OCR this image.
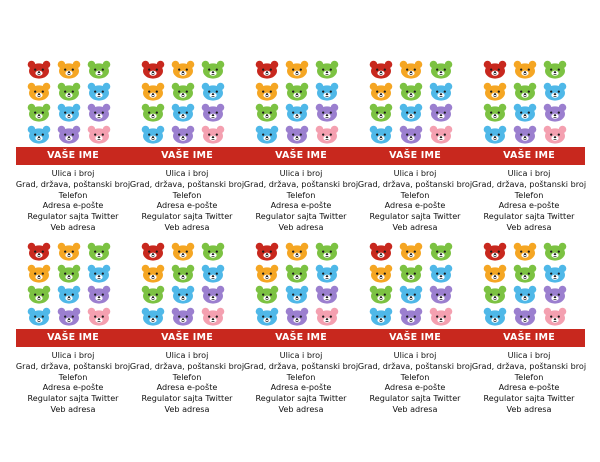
VAŠE IME
Ulica i broj
Grad, država, poštanski broj
Telefon
Adresa e-pošte
Regulator sajta Twitter
Veb adresa
VAŠE IME
Ulica i broj
Grad, država, poštanski broj
Telefon
Adresa e-pošte
Regulator sajta Twitter
Veb adresa
VAŠE IME
Ulica i broj
Grad, država, poštanski broj
Telefon
Adresa e-pošte
Regulator sajta Twitter
Veb adresa
VAŠE IME
Ulica i broj
Grad, država, poštanski broj
Telefon
Adresa e-pošte
Regulator sajta Twitter
Veb adresa
VAŠE IME
Ulica i broj
Grad, država, poštanski broj
Telefon
Adresa e-pošte
Regulator sajta Twitter
Veb adresa
VAŠE IME
Ulica i broj
Grad, država, poštanski broj
Telefon
Adresa e-pošte
Regulator sajta Twitter
Veb adresa
VAŠE IME
Ulica i broj
Grad, država, poštanski broj
Telefon
Adresa e-pošte
Regulator sajta Twitter
Veb adresa
VAŠE IME
Ulica i broj
Grad, država, poštanski broj
Telefon
Adresa e-pošte
Regulator sajta Twitter
Veb adresa
VAŠE IME
Ulica i broj
Grad, država, poštanski broj
Telefon
Adresa e-pošte
Regulator sajta Twitter
Veb adresa
VAŠE IME
Ulica i broj
Grad, država, poštanski broj
Telefon
Adresa e-pošte
Regulator sajta Twitter
Veb adresa
